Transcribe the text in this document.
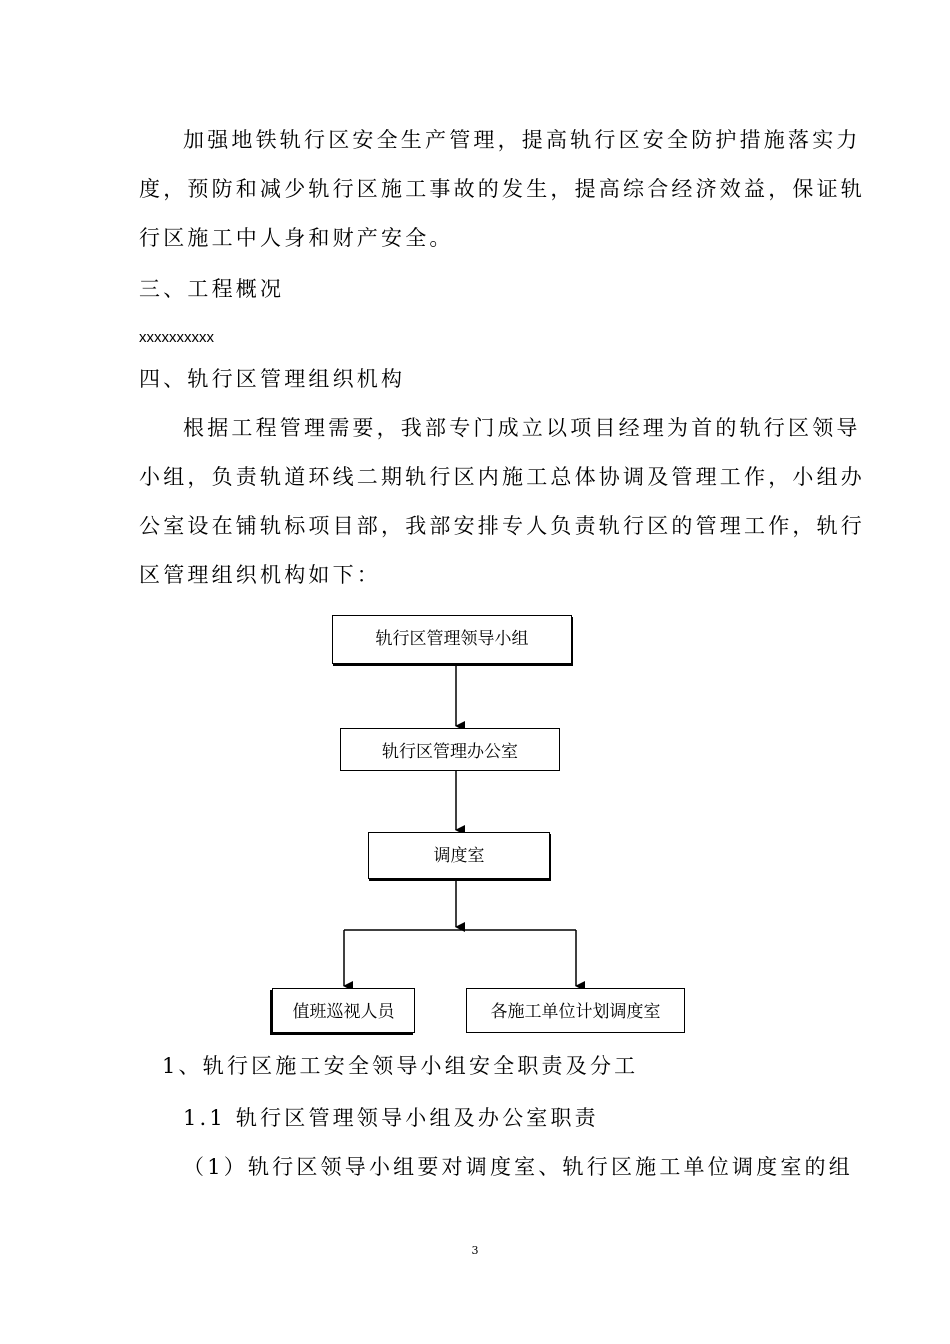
加强地铁轨行区安全生产管理，提高轨行区安全防护措施落实力
度，预防和减少轨行区施工事故的发生，提高综合经济效益，保证轨
行区施工中人身和财产安全。
三、工程概况
xxxxxxxxxx
四、轨行区管理组织机构
根据工程管理需要，我部专门成立以项目经理为首的轨行区领导
小组，负责轨道环线二期轨行区内施工总体协调及管理工作，小组办
公室设在铺轨标项目部，我部安排专人负责轨行区的管理工作，轨行
区管理组织机构如下：
轨行区管理领导小组
轨行区管理办公室
调度室
值班巡视人员	各施工单位计划调度室
1、轨行区施工安全领导小组安全职责及分工
1.1 轨行区管理领导小组及办公室职责
（1）轨行区领导小组要对调度室、轨行区施工单位调度室的组
3
